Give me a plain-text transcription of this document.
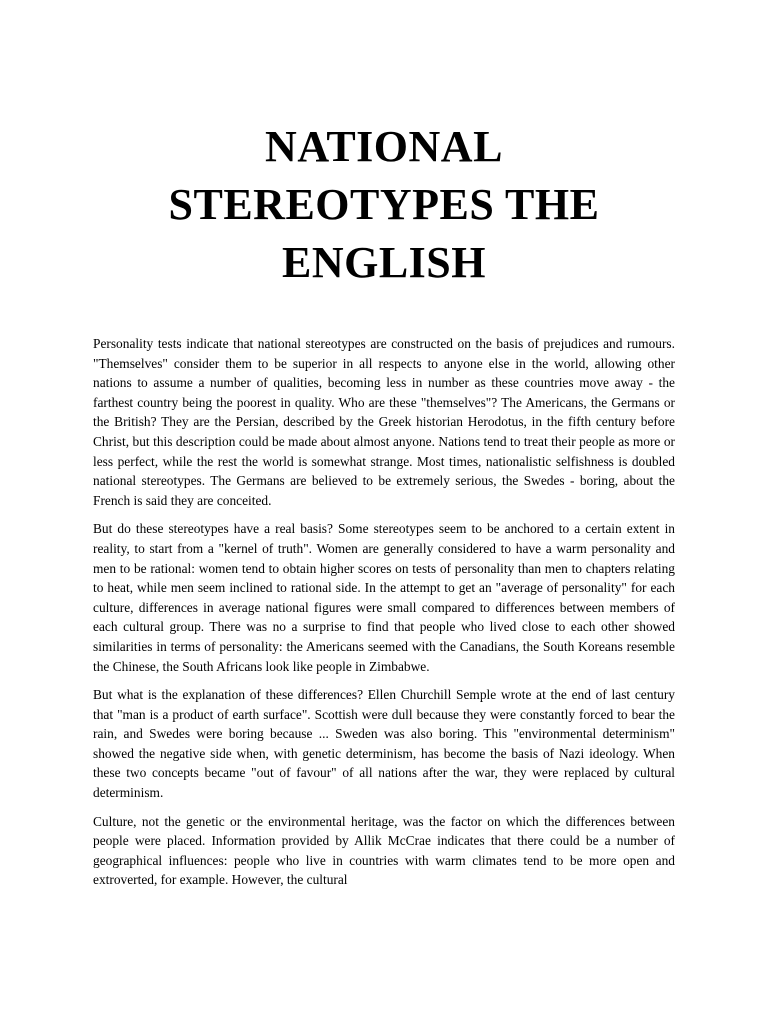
NATIONAL
STEREOTYPES THE
ENGLISH

Personality tests indicate that national stereotypes are constructed on the basis of prejudices and rumours. "Themselves" consider them to be superior in all respects to anyone else in the world, allowing other nations to assume a number of qualities, becoming less in number as these countries move away - the farthest country being the poorest in quality. Who are these "themselves"? The Americans, the Germans or the British? They are the Persian, described by the Greek historian Herodotus, in the fifth century before Christ, but this description could be made about almost anyone. Nations tend to treat their people as more or less perfect, while the rest the world is somewhat strange. Most times, nationalistic selfishness is doubled national stereotypes. The Germans are believed to be extremely serious, the Swedes - boring, about the French is said they are conceited.

But do these stereotypes have a real basis? Some stereotypes seem to be anchored to a certain extent in reality, to start from a "kernel of truth". Women are generally considered to have a warm personality and men to be rational: women tend to obtain higher scores on tests of personality than men to chapters relating to heat, while men seem inclined to rational side. In the attempt to get an "average of personality" for each culture, differences in average national figures were small compared to differences between members of each cultural group. There was no a surprise to find that people who lived close to each other showed similarities in terms of personality: the Americans seemed with the Canadians, the South Koreans resemble the Chinese, the South Africans look like people in Zimbabwe.

But what is the explanation of these differences? Ellen Churchill Semple wrote at the end of last century that "man is a product of earth surface". Scottish were dull because they were constantly forced to bear the rain, and Swedes were boring because ... Sweden was also boring. This "environmental determinism" showed the negative side when, with genetic determinism, has become the basis of Nazi ideology. When these two concepts became "out of favour" of all nations after the war, they were replaced by cultural determinism.

Culture, not the genetic or the environmental heritage, was the factor on which the differences between people were placed. Information provided by Allik McCrae indicates that there could be a number of geographical influences: people who live in countries with warm climates tend to be more open and extroverted, for example. However, the cultural
